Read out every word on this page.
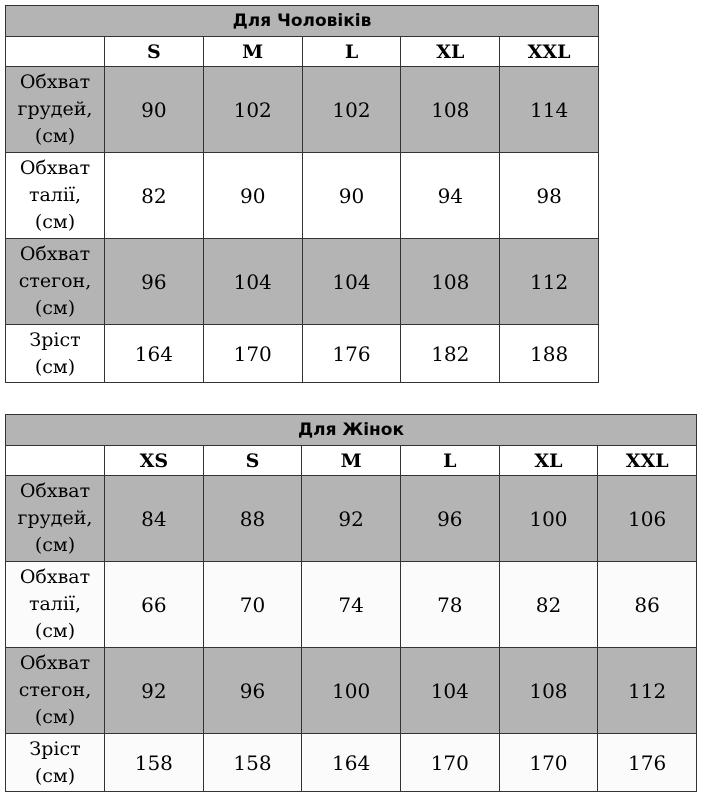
Для Чоловіків					
	S	M	L	XL	XXL
Обхват
грудей,
(см)	90	102	102	108	114
Обхват
талії,
(см)	82	90	90	94	98
Обхват
стегон,
(см)	96	104	104	108	112
Зріст
(см)	164	170	176	182	188
Для Жінок						
	XS	S	M	L	XL	XXL
Обхват
грудей,
(см)	84	88	92	96	100	106
Обхват
талії,
(см)	66	70	74	78	82	86
Обхват
стегон,
(см)	92	96	100	104	108	112
Зріст
(см)	158	158	164	170	170	176
